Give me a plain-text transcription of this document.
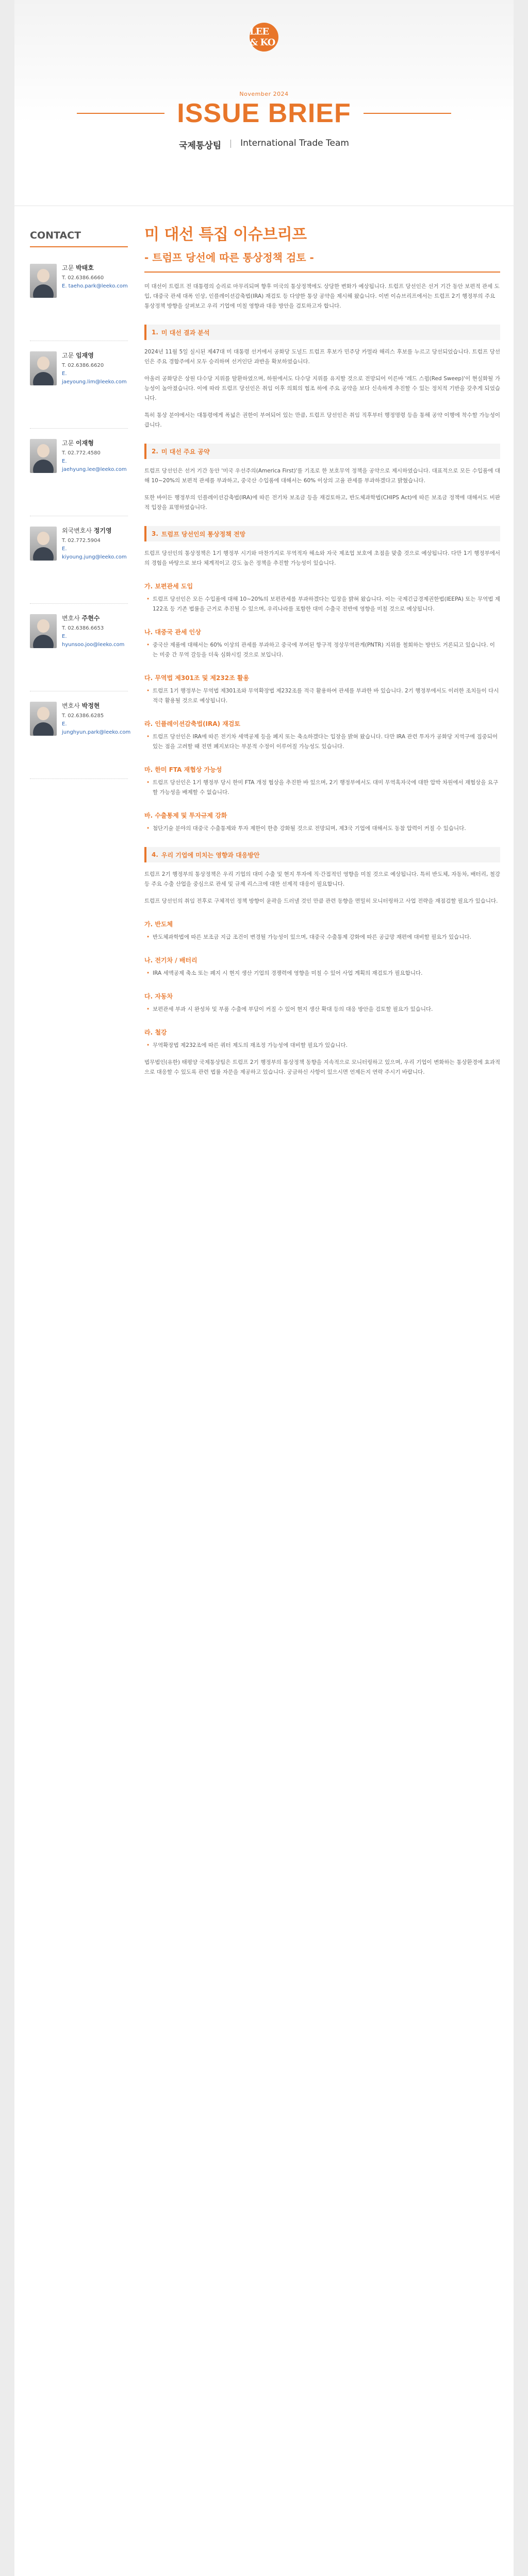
LEE & KO
November 2024
ISSUE BRIEF
국제통상팀 International Trade Team
CONTACT
고문 박태호
T. 02.6386.6660
E. taeho.park@leeko.com
고문 임재영
T. 02.6386.6620
E. jaeyoung.lim@leeko.com
고문 이재형
T. 02.772.4580
E. jaehyung.lee@leeko.com
외국변호사 정기영
T. 02.772.5904
E. kiyoung.jung@leeko.com
변호사 주현수
T. 02.6386.6653
E. hyunsoo.joo@leeko.com
변호사 박정현
T. 02.6386.6285
E. junghyun.park@leeko.com
미 대선 특집 이슈브리프
- 트럼프 당선에 따른 통상정책 검토 -
미 대선이 트럼프 전 대통령의 승리로 마무리되며 향후 미국의 통상정책에도 상당한 변화가 예상됩니다. 트럼프 당선인은 선거 기간 동안 보편적 관세 도입, 대중국 관세 대폭 인상, 인플레이션감축법(IRA) 재검토 등 다양한 통상 공약을 제시해 왔습니다. 이번 이슈브리프에서는 트럼프 2기 행정부의 주요 통상정책 방향을 살펴보고 우리 기업에 미칠 영향과 대응 방안을 검토하고자 합니다.
1. 미 대선 결과 분석
2024년 11월 5일 실시된 제47대 미 대통령 선거에서 공화당 도널드 트럼프 후보가 민주당 카멀라 해리스 후보를 누르고 당선되었습니다. 트럼프 당선인은 주요 경합주에서 모두 승리하며 선거인단 과반을 확보하였습니다.
아울러 공화당은 상원 다수당 지위를 탈환하였으며, 하원에서도 다수당 지위를 유지할 것으로 전망되어 이른바 '레드 스윕(Red Sweep)'이 현실화될 가능성이 높아졌습니다. 이에 따라 트럼프 당선인은 취임 이후 의회의 협조 하에 주요 공약을 보다 신속하게 추진할 수 있는 정치적 기반을 갖추게 되었습니다.
특히 통상 분야에서는 대통령에게 폭넓은 권한이 부여되어 있는 만큼, 트럼프 당선인은 취임 직후부터 행정명령 등을 통해 공약 이행에 착수할 가능성이 큽니다.
2. 미 대선 주요 공약
트럼프 당선인은 선거 기간 동안 '미국 우선주의(America First)'를 기조로 한 보호무역 정책을 공약으로 제시하였습니다. 대표적으로 모든 수입품에 대해 10~20%의 보편적 관세를 부과하고, 중국산 수입품에 대해서는 60% 이상의 고율 관세를 부과하겠다고 밝혔습니다.
또한 바이든 행정부의 인플레이션감축법(IRA)에 따른 전기차 보조금 등을 재검토하고, 반도체과학법(CHIPS Act)에 따른 보조금 정책에 대해서도 비판적 입장을 표명하였습니다.
3. 트럼프 당선인의 통상정책 전망
트럼프 당선인의 통상정책은 1기 행정부 시기와 마찬가지로 무역적자 해소와 자국 제조업 보호에 초점을 맞출 것으로 예상됩니다. 다만 1기 행정부에서의 경험을 바탕으로 보다 체계적이고 강도 높은 정책을 추진할 가능성이 있습니다.
가. 보편관세 도입
• 트럼프 당선인은 모든 수입품에 대해 10~20%의 보편관세를 부과하겠다는 입장을 밝혀 왔습니다. 이는 국제긴급경제권한법(IEEPA) 또는 무역법 제122조 등 기존 법률을 근거로 추진될 수 있으며, 우리나라를 포함한 대미 수출국 전반에 영향을 미칠 것으로 예상됩니다.
나. 대중국 관세 인상
• 중국산 제품에 대해서는 60% 이상의 관세를 부과하고 중국에 부여된 항구적 정상무역관계(PNTR) 지위를 철회하는 방안도 거론되고 있습니다. 이는 미중 간 무역 갈등을 더욱 심화시킬 것으로 보입니다.
다. 무역법 제301조 및 제232조 활용
• 트럼프 1기 행정부는 무역법 제301조와 무역확장법 제232조를 적극 활용하여 관세를 부과한 바 있습니다. 2기 행정부에서도 이러한 조치들이 다시 적극 활용될 것으로 예상됩니다.
라. 인플레이션감축법(IRA) 재검토
• 트럼프 당선인은 IRA에 따른 전기차 세액공제 등을 폐지 또는 축소하겠다는 입장을 밝혀 왔습니다. 다만 IRA 관련 투자가 공화당 지역구에 집중되어 있는 점을 고려할 때 전면 폐지보다는 부분적 수정이 이루어질 가능성도 있습니다.
마. 한미 FTA 재협상 가능성
• 트럼프 당선인은 1기 행정부 당시 한미 FTA 개정 협상을 추진한 바 있으며, 2기 행정부에서도 대미 무역흑자국에 대한 압박 차원에서 재협상을 요구할 가능성을 배제할 수 없습니다.
바. 수출통제 및 투자규제 강화
• 첨단기술 분야의 대중국 수출통제와 투자 제한이 한층 강화될 것으로 전망되며, 제3국 기업에 대해서도 동참 압력이 커질 수 있습니다.
4. 우리 기업에 미치는 영향과 대응방안
트럼프 2기 행정부의 통상정책은 우리 기업의 대미 수출 및 현지 투자에 직·간접적인 영향을 미칠 것으로 예상됩니다. 특히 반도체, 자동차, 배터리, 철강 등 주요 수출 산업을 중심으로 관세 및 규제 리스크에 대한 선제적 대응이 필요합니다.
트럼프 당선인의 취임 전후로 구체적인 정책 방향이 윤곽을 드러낼 것인 만큼 관련 동향을 면밀히 모니터링하고 사업 전략을 재점검할 필요가 있습니다.
가. 반도체
• 반도체과학법에 따른 보조금 지급 조건이 변경될 가능성이 있으며, 대중국 수출통제 강화에 따른 공급망 재편에 대비할 필요가 있습니다.
나. 전기차 / 배터리
• IRA 세액공제 축소 또는 폐지 시 현지 생산 기업의 경쟁력에 영향을 미칠 수 있어 사업 계획의 재검토가 필요합니다.
다. 자동차
• 보편관세 부과 시 완성차 및 부품 수출에 부담이 커질 수 있어 현지 생산 확대 등의 대응 방안을 검토할 필요가 있습니다.
라. 철강
• 무역확장법 제232조에 따른 쿼터 제도의 재조정 가능성에 대비할 필요가 있습니다.
법무법인(유한) 태평양 국제통상팀은 트럼프 2기 행정부의 통상정책 동향을 지속적으로 모니터링하고 있으며, 우리 기업이 변화하는 통상환경에 효과적으로 대응할 수 있도록 관련 법률 자문을 제공하고 있습니다. 궁금하신 사항이 있으시면 언제든지 연락 주시기 바랍니다.
